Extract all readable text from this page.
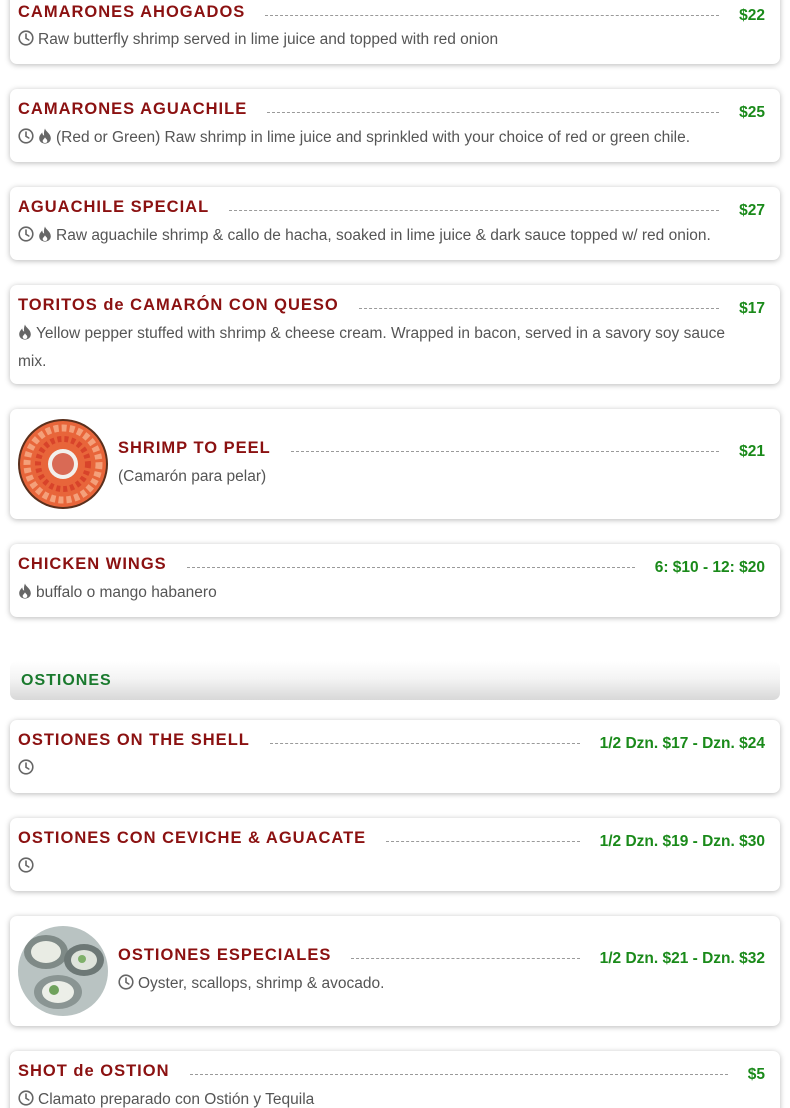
CAMARONES AHOGADOS	$22
Raw butterfly shrimp served in lime juice and topped with red onion
CAMARONES AGUACHILE	$25
(Red or Green) Raw shrimp in lime juice and sprinkled with your choice of red or green chile.
AGUACHILE SPECIAL	$27
Raw aguachile shrimp & callo de hacha, soaked in lime juice & dark sauce topped w/ red onion.
TORITOS de CAMARÓN CON QUESO	$17
Yellow pepper stuffed with shrimp & cheese cream. Wrapped in bacon, served in a savory soy sauce mix.
SHRIMP TO PEEL	$21
(Camarón para pelar)
CHICKEN WINGS	6: $10 - 12: $20
buffalo o mango habanero
OSTIONES
OSTIONES ON THE SHELL	1/2 Dzn. $17 - Dzn. $24
OSTIONES CON CEVICHE & AGUACATE	1/2 Dzn. $19 - Dzn. $30
OSTIONES ESPECIALES	1/2 Dzn. $21 - Dzn. $32
Oyster, scallops, shrimp & avocado.
SHOT de OSTION	$5
Clamato preparado con Ostión y Tequila
